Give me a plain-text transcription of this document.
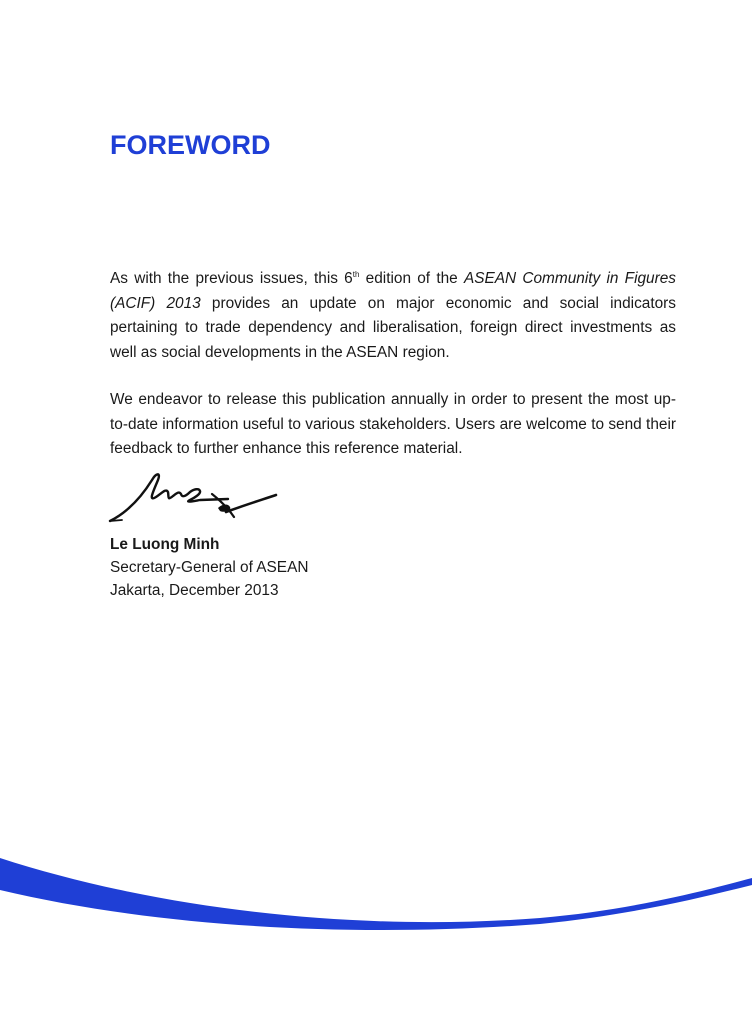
FOREWORD

As with the previous issues, this 6th edition of the ASEAN Community in Figures (ACIF) 2013 provides an update on major economic and social indicators pertaining to trade dependency and liberalisation, foreign direct investments as well as social developments in the ASEAN region.

We endeavor to release this publication annually in order to present the most up-to-date information useful to various stakeholders. Users are welcome to send their feedback to further enhance this reference material.

Le Luong Minh
Secretary-General of ASEAN
Jakarta, December 2013
